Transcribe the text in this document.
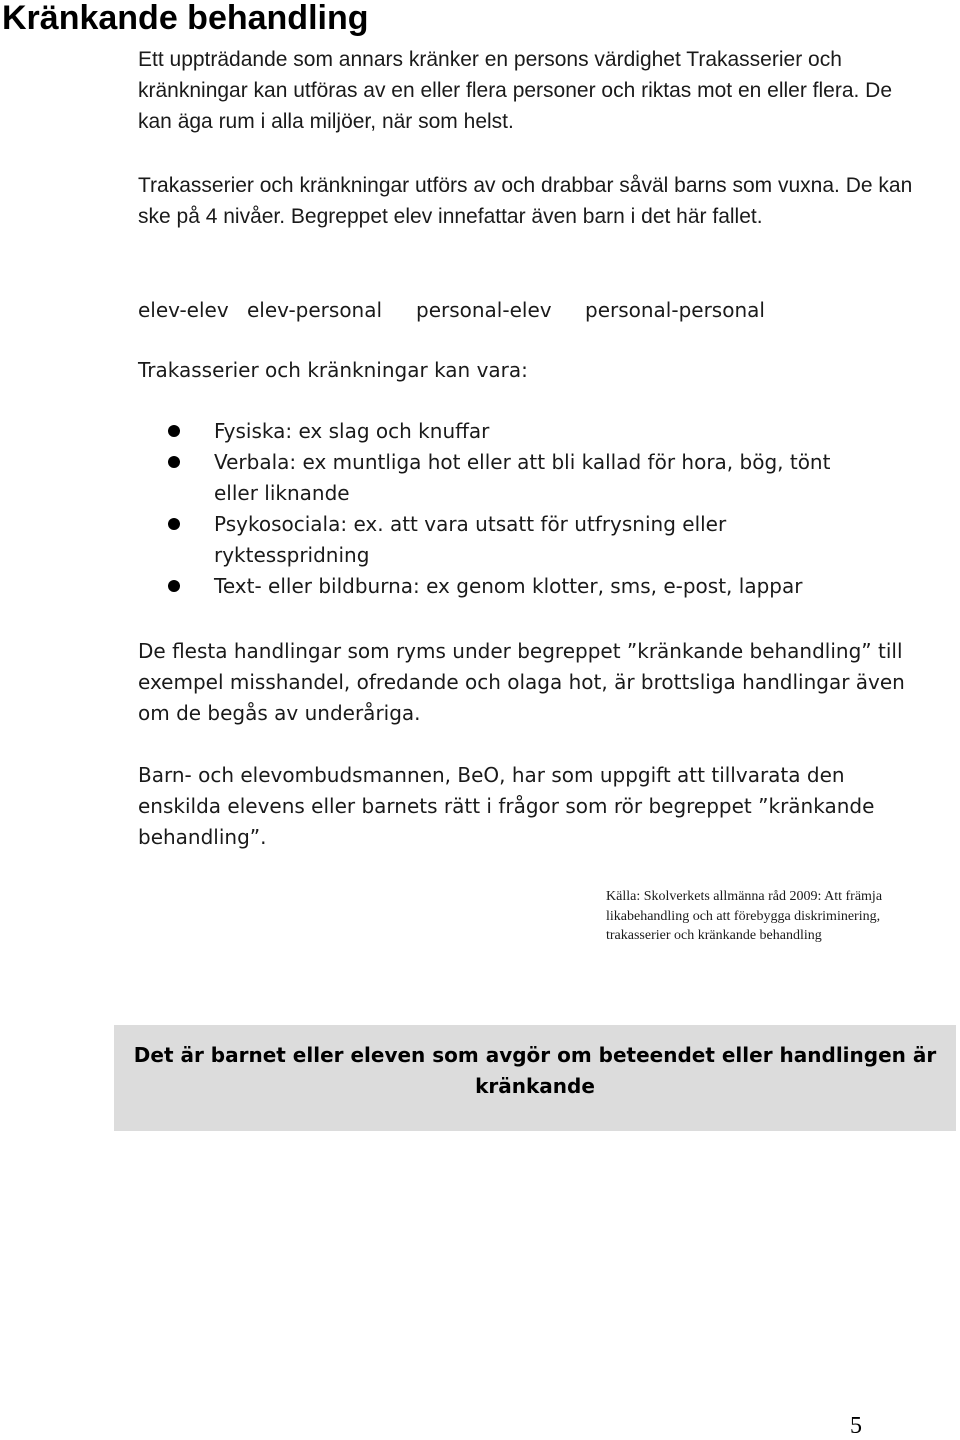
Kränkande behandling
Ett uppträdande som annars kränker en persons värdighet Trakasserier och kränkningar kan utföras av en eller flera personer och riktas mot en eller flera. De kan äga rum i alla miljöer, när som helst.
Trakasserier och kränkningar utförs av och drabbar såväl barns som vuxna. De kan ske på 4 nivåer. Begreppet elev innefattar även barn i det här fallet.
elev-elev elev-personal personal-elev personal-personal
Trakasserier och kränkningar kan vara:
Fysiska: ex slag och knuffar
Verbala: ex muntliga hot eller att bli kallad för hora, bög, tönt eller liknande
Psykosociala: ex. att vara utsatt för utfrysning eller ryktesspridning
Text- eller bildburna: ex genom klotter, sms, e-post, lappar
De flesta handlingar som ryms under begreppet ”kränkande behandling” till exempel misshandel, ofredande och olaga hot, är brottsliga handlingar även om de begås av underåriga.
Barn- och elevombudsmannen, BeO, har som uppgift att tillvarata den enskilda elevens eller barnets rätt i frågor som rör begreppet ”kränkande behandling”.
Källa: Skolverkets allmänna råd 2009: Att främja likabehandling och att förebygga diskriminering, trakasserier och kränkande behandling
Det är barnet eller eleven som avgör om beteendet eller handlingen är kränkande
5
